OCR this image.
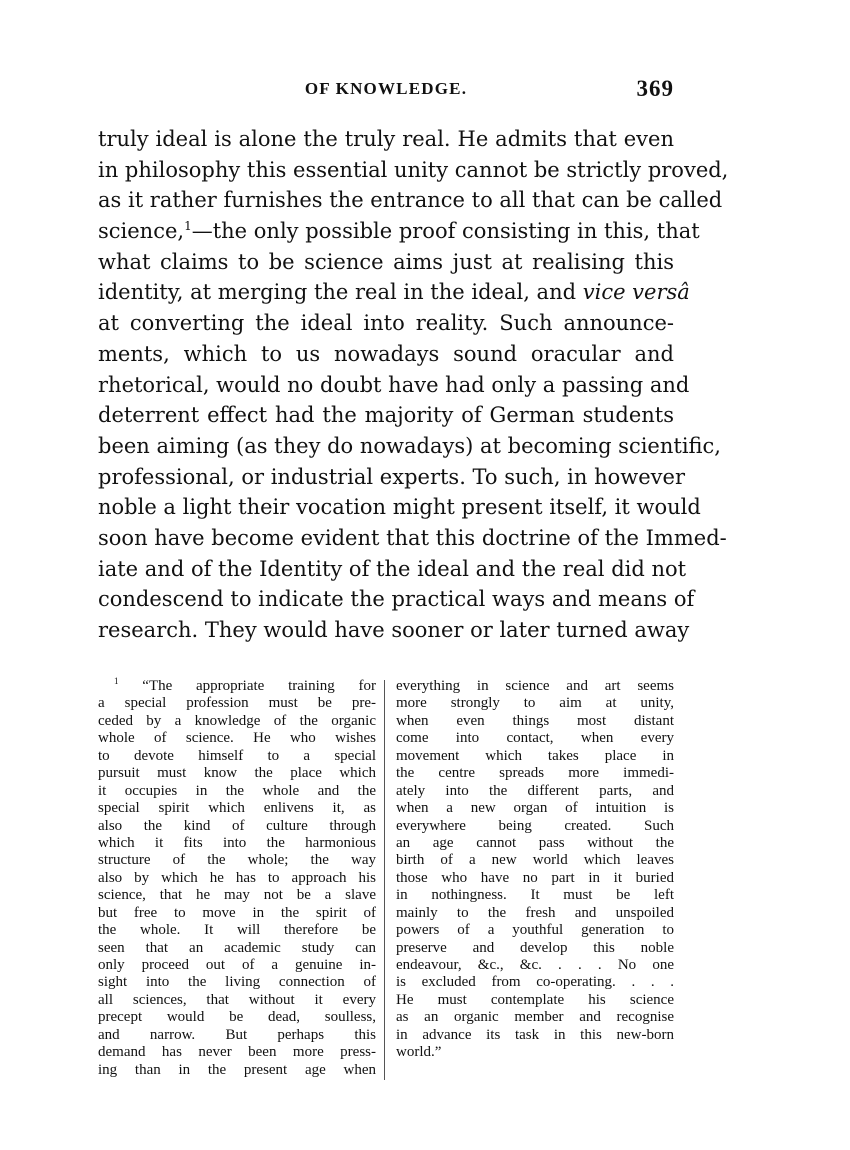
OF KNOWLEDGE.	369
truly ideal is alone the truly real. He admits that even
in philosophy this essential unity cannot be strictly proved,
as it rather furnishes the entrance to all that can be called
science,$^1$—the only possible proof consisting in this, that
what claims to be science aims just at realising this
identity, at merging the real in the ideal, and vice versâ
at converting the ideal into reality. Such announce-
ments, which to us nowadays sound oracular and
rhetorical, would no doubt have had only a passing and
deterrent effect had the majority of German students
been aiming (as they do nowadays) at becoming scientific,
professional, or industrial experts. To such, in however
noble a light their vocation might present itself, it would
soon have become evident that this doctrine of the Immed-
iate and of the Identity of the ideal and the real did not
condescend to indicate the practical ways and means of
research. They would have sooner or later turned away
$^1$ “The appropriate training for
a special profession must be pre-
ceded by a knowledge of the organic
whole of science. He who wishes
to devote himself to a special
pursuit must know the place which
it occupies in the whole and the
special spirit which enlivens it, as
also the kind of culture through
which it fits into the harmonious
structure of the whole; the way
also by which he has to approach his
science, that he may not be a slave
but free to move in the spirit of
the whole. It will therefore be
seen that an academic study can
only proceed out of a genuine in-
sight into the living connection of
all sciences, that without it every
precept would be dead, soulless,
and narrow. But perhaps this
demand has never been more press-
ing than in the present age when
everything in science and art seems
more strongly to aim at unity,
when even things most distant
come into contact, when every
movement which takes place in
the centre spreads more immedi-
ately into the different parts, and
when a new organ of intuition is
everywhere being created. Such
an age cannot pass without the
birth of a new world which leaves
those who have no part in it buried
in nothingness. It must be left
mainly to the fresh and unspoiled
powers of a youthful generation to
preserve and develop this noble
endeavour, &c., &c. . . . No one
is excluded from co-operating. . . .
He must contemplate his science
as an organic member and recognise
in advance its task in this new-born
world.”
